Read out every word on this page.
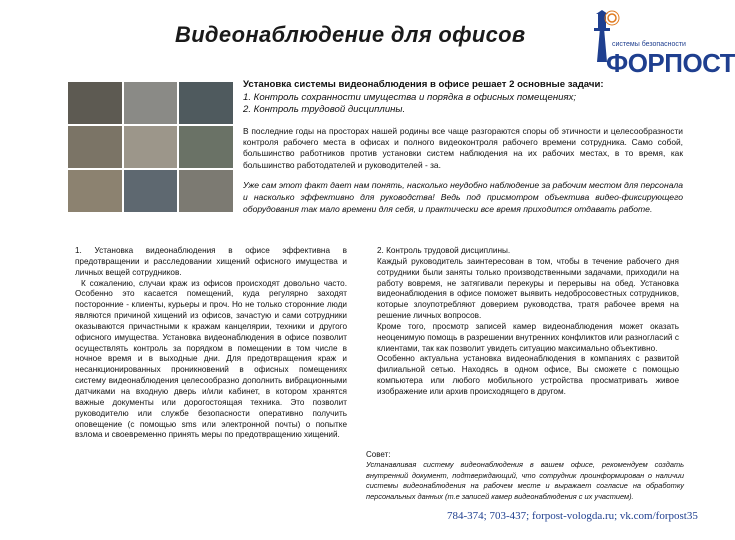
Видеонаблюдение для офисов	системы безопасности
ФОРПОСТ
Установка системы видеонаблюдения в офисе решает 2 основные задачи:
1. Контроль сохранности имущества и порядка в офисных помещениях;
2. Контроль трудовой дисциплины.
В последние годы на просторах нашей родины все чаще разгораются споры об этичности и целесообразности контроля рабочего места в офисах и полного видеоконтроля рабочего времени сотрудника. Само собой, большинство работников против установки систем наблюдения на их рабочих местах, в то время, как большинство работодателей и руководителей - за.
Уже сам этот факт дает нам понять, насколько неудобно наблюдение за рабочим местом для персонала и насколько эффективно для руководства! Ведь под присмотром объектива видео-фиксирующего оборудования так мало времени для себя, и практически все время приходится отдавать работе.

1. Установка видеонаблюдения в офисе эффективна в предотвращении и расследовании хищений офисного имущества и личных вещей сотрудников.

К сожалению, случаи краж из офисов происходят довольно часто. Особенно это касается помещений, куда регулярно заходят посторонние - клиенты, курьеры и проч. Но не только сторонние люди являются причиной хищений из офисов, зачастую и сами сотрудники оказываются причастными к кражам канцелярии, техники и другого офисного имущества. Установка видеонаблюдения в офисе позволит осуществлять контроль за порядком в помещении в том числе в ночное время и в выходные дни. Для предотвращения краж и несанкционированных проникновений в офисных помещениях систему видеонаблюдения целесообразно дополнить вибрационными датчиками на входную дверь и/или кабинет, в котором хранятся важные документы или дорогостоящая техника. Это позволит руководителю или службе безопасности оперативно получить оповещение (с помощью sms или электронной почты) о попытке взлома и своевременно принять меры по предотвращению хищений.

2. Контроль трудовой дисциплины.

Каждый руководитель заинтересован в том, чтобы в течение рабочего дня сотрудники были заняты только производственными задачами, приходили на работу вовремя, не затягивали перекуры и перерывы на обед. Установка видеонаблюдения в офисе поможет выявить недобросовестных сотрудников, которые злоупотребляют доверием руководства, тратя рабочее время на решение личных вопросов.

Кроме того, просмотр записей камер видеонаблюдения может оказать неоценимую помощь в разрешении внутренних конфликтов или разногласий с клиентами, так как позволит увидеть ситуацию максимально объективно.

Особенно актуальна установка видеонаблюдения в компаниях с развитой филиальной сетью. Находясь в одном офисе, Вы сможете с помощью компьютера или любого мобильного устройства просматривать живое изображение или архив происходящего в другом.

Совет:
Устанавливая систему видеонаблюдения в вашем офисе, рекомендуем создать внутренний документ, подтверждающий, что сотрудник проинформирован о наличии системы видеонаблюдения на рабочем месте и выражает согласие на обработку персональных данных (т.е записей камер видеонаблюдения с их участием).
784-374; 703-437; forpost-vologda.ru; vk.com/forpost35
